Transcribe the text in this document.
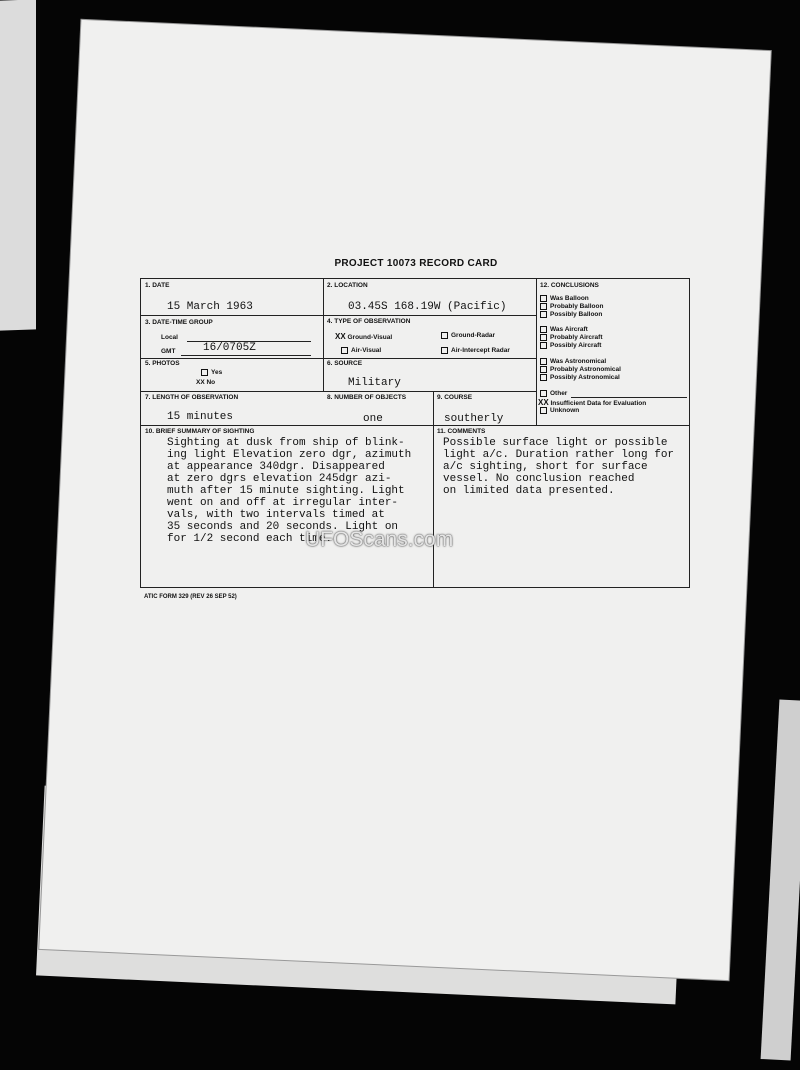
PROJECT 10073 RECORD CARD
1. DATE
15 March 1963
2. LOCATION
03.45S 168.19W (Pacific)
3. DATE-TIME GROUP
Local
GMT	16/0705Z
4. TYPE OF OBSERVATION
XX Ground-Visual	Ground-Radar
Air-Visual	Air-Intercept Radar
5. PHOTOS
Yes
XX No
6. SOURCE
Military
7. LENGTH OF OBSERVATION
15 minutes
8. NUMBER OF OBJECTS
one
9. COURSE
southerly
10. BRIEF SUMMARY OF SIGHTING
Sighting at dusk from ship of blink-
ing light Elevation zero dgr, azimuth
at appearance 340dgr. Disappeared
at zero dgrs elevation 245dgr azi-
muth after 15 minute sighting. Light
went on and off at irregular inter-
vals, with two intervals timed at
35 seconds and 20 seconds. Light on
for 1/2 second each time.
11. COMMENTS
Possible surface light or possible
light a/c. Duration rather long for
a/c sighting, short for surface
vessel. No conclusion reached
on limited data presented.
12. CONCLUSIONS
Was Balloon
Probably Balloon
Possibly Balloon
Was Aircraft
Probably Aircraft
Possibly Aircraft
Was Astronomical
Probably Astronomical
Possibly Astronomical
Other
XX Insufficient Data for Evaluation
Unknown
ATIC FORM 329 (REV 26 SEP 52)
UFOScans.com
